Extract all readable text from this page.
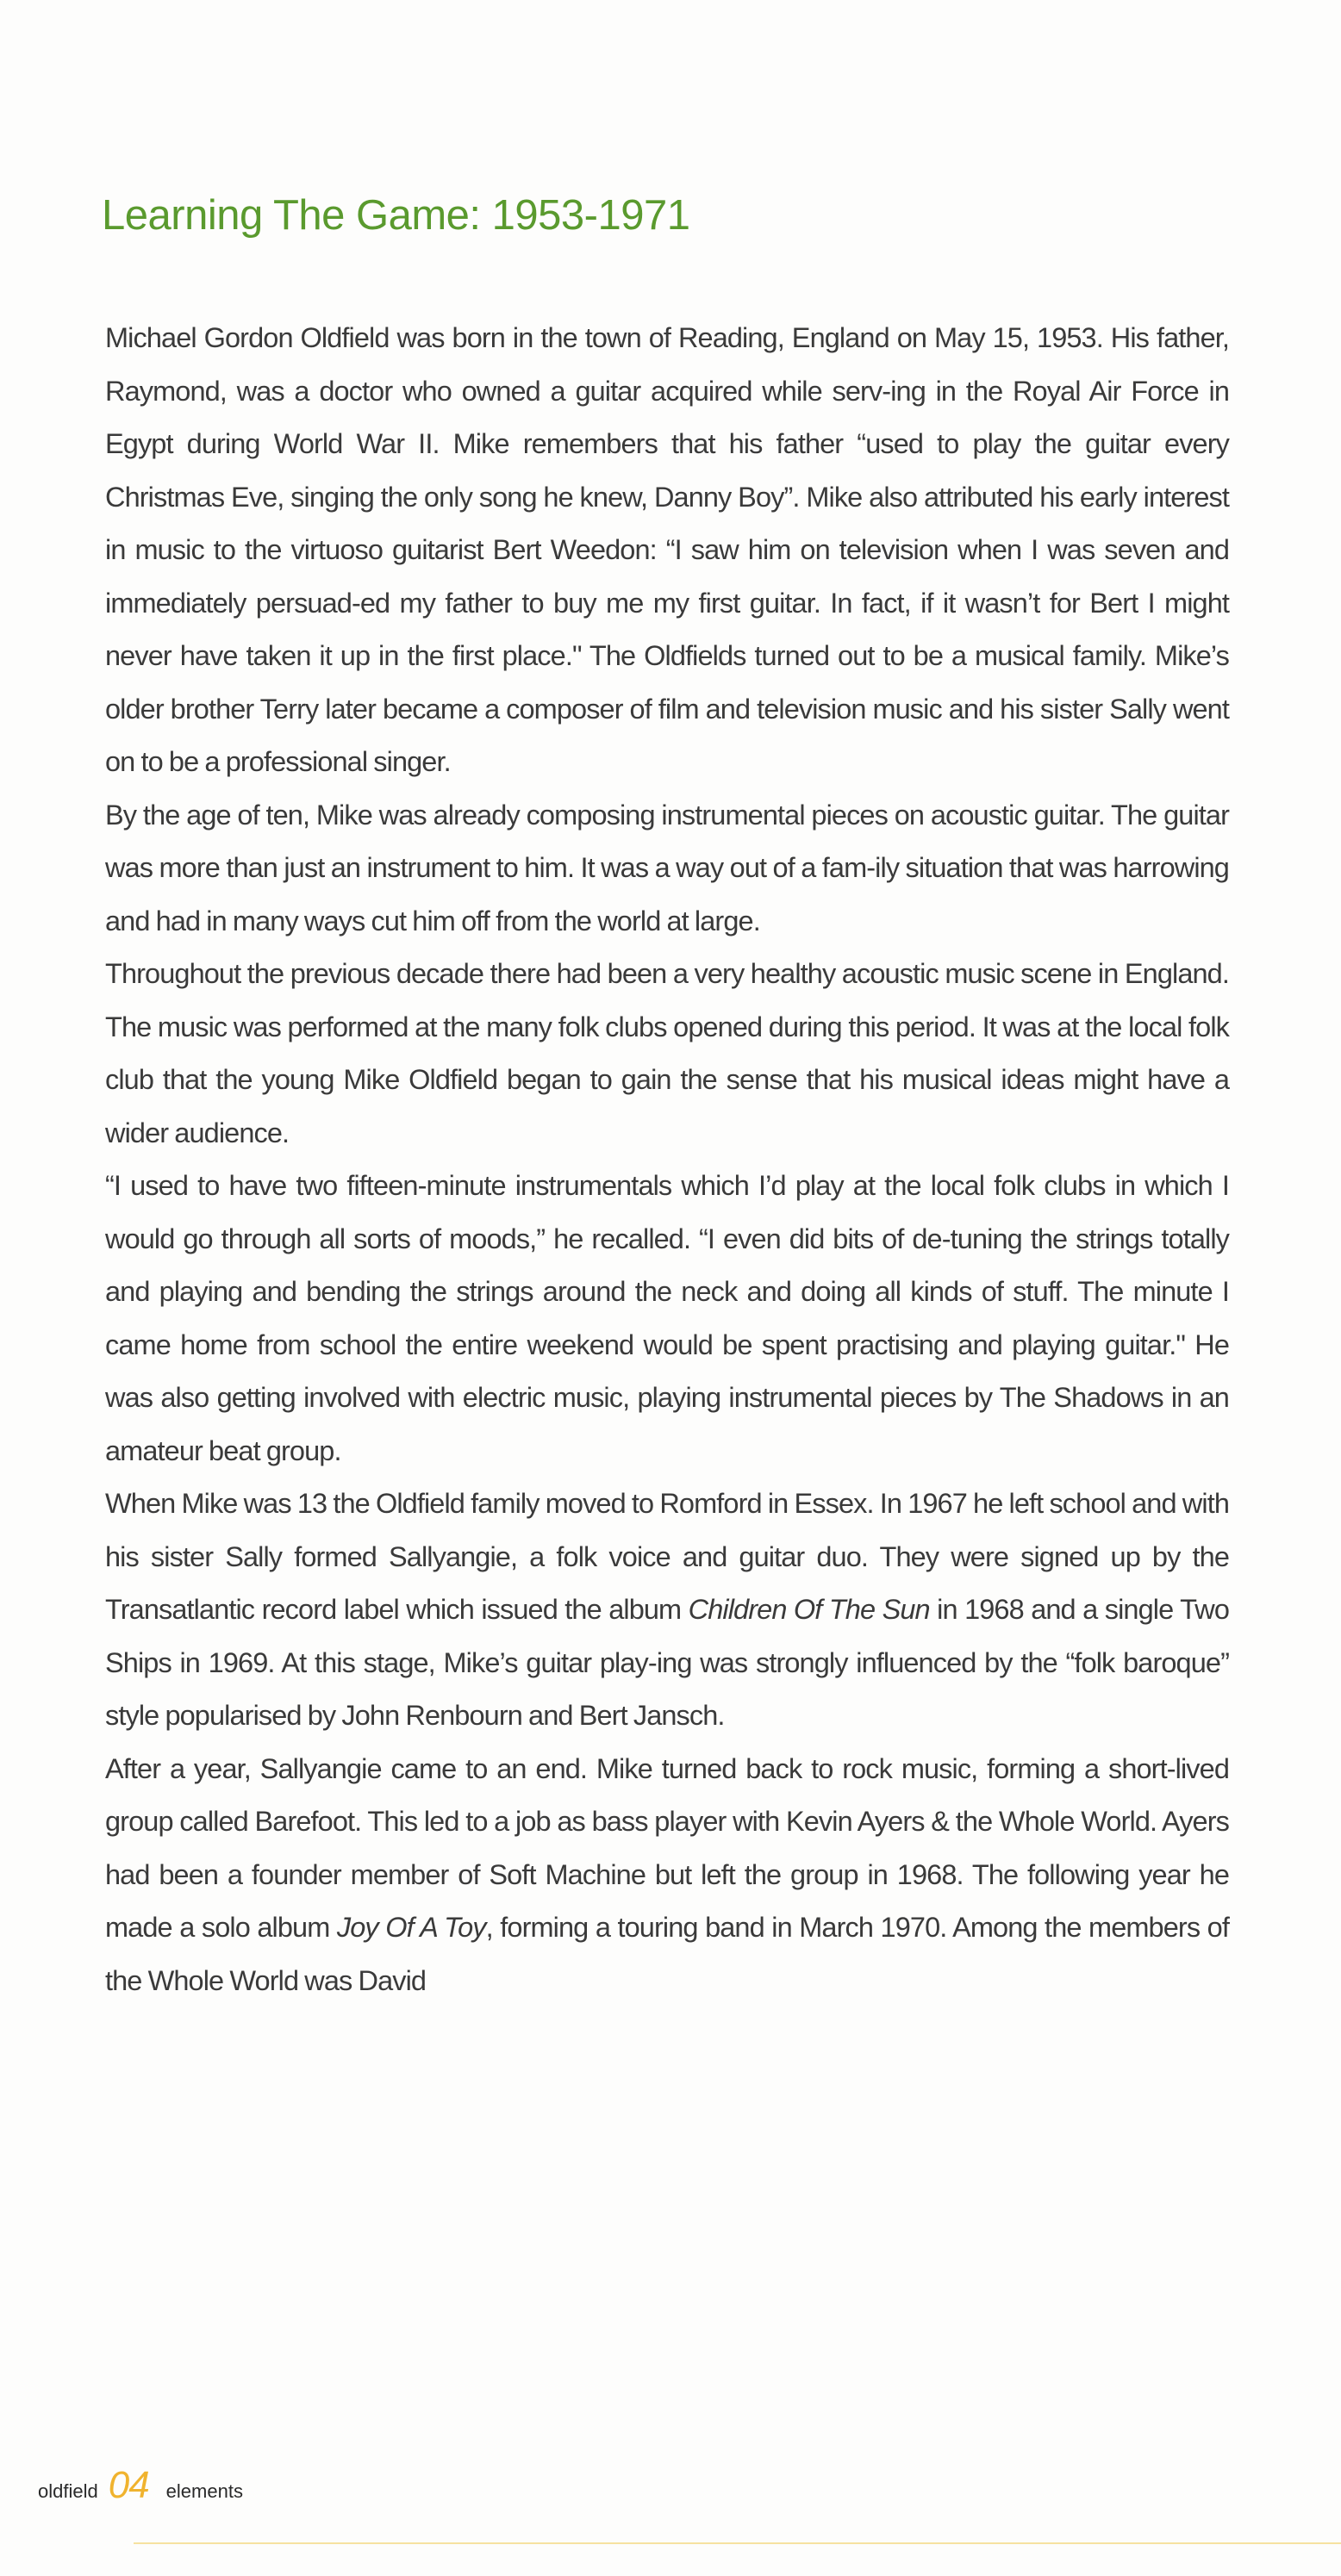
Learning The Game: 1953-1971

Michael Gordon Oldfield was born in the town of Reading, England on May 15, 1953. His father, Raymond, was a doctor who owned a guitar acquired while serv-ing in the Royal Air Force in Egypt during World War II. Mike remembers that his father “used to play the guitar every Christmas Eve, singing the only song he knew, Danny Boy”. Mike also attributed his early interest in music to the virtuoso guitarist Bert Weedon: “I saw him on television when I was seven and immediately persuad-ed my father to buy me my first guitar. In fact, if it wasn’t for Bert I might never have taken it up in the first place." The Oldfields turned out to be a musical family. Mike’s older brother Terry later became a composer of film and television music and his sister Sally went on to be a professional singer.

By the age of ten, Mike was already composing instrumental pieces on acoustic guitar. The guitar was more than just an instrument to him. It was a way out of a fam-ily situation that was harrowing and had in many ways cut him off from the world at large.

Throughout the previous decade there had been a very healthy acoustic music scene in England. The music was performed at the many folk clubs opened during this period. It was at the local folk club that the young Mike Oldfield began to gain the sense that his musical ideas might have a wider audience.

“I used to have two fifteen-minute instrumentals which I’d play at the local folk clubs in which I would go through all sorts of moods,” he recalled. “I even did bits of de-tuning the strings totally and playing and bending the strings around the neck and doing all kinds of stuff. The minute I came home from school the entire weekend would be spent practising and playing guitar." He was also getting involved with electric music, playing instrumental pieces by The Shadows in an amateur beat group.

When Mike was 13 the Oldfield family moved to Romford in Essex. In 1967 he left school and with his sister Sally formed Sallyangie, a folk voice and guitar duo. They were signed up by the Transatlantic record label which issued the album Children Of The Sun in 1968 and a single Two Ships in 1969. At this stage, Mike’s guitar play-ing was strongly influenced by the “folk baroque” style popularised by John Renbourn and Bert Jansch.

After a year, Sallyangie came to an end. Mike turned back to rock music, forming a short-lived group called Barefoot. This led to a job as bass player with Kevin Ayers & the Whole World. Ayers had been a founder member of Soft Machine but left the group in 1968. The following year he made a solo album Joy Of A Toy, forming a touring band in March 1970. Among the members of the Whole World was David

oldfield 04 elements
